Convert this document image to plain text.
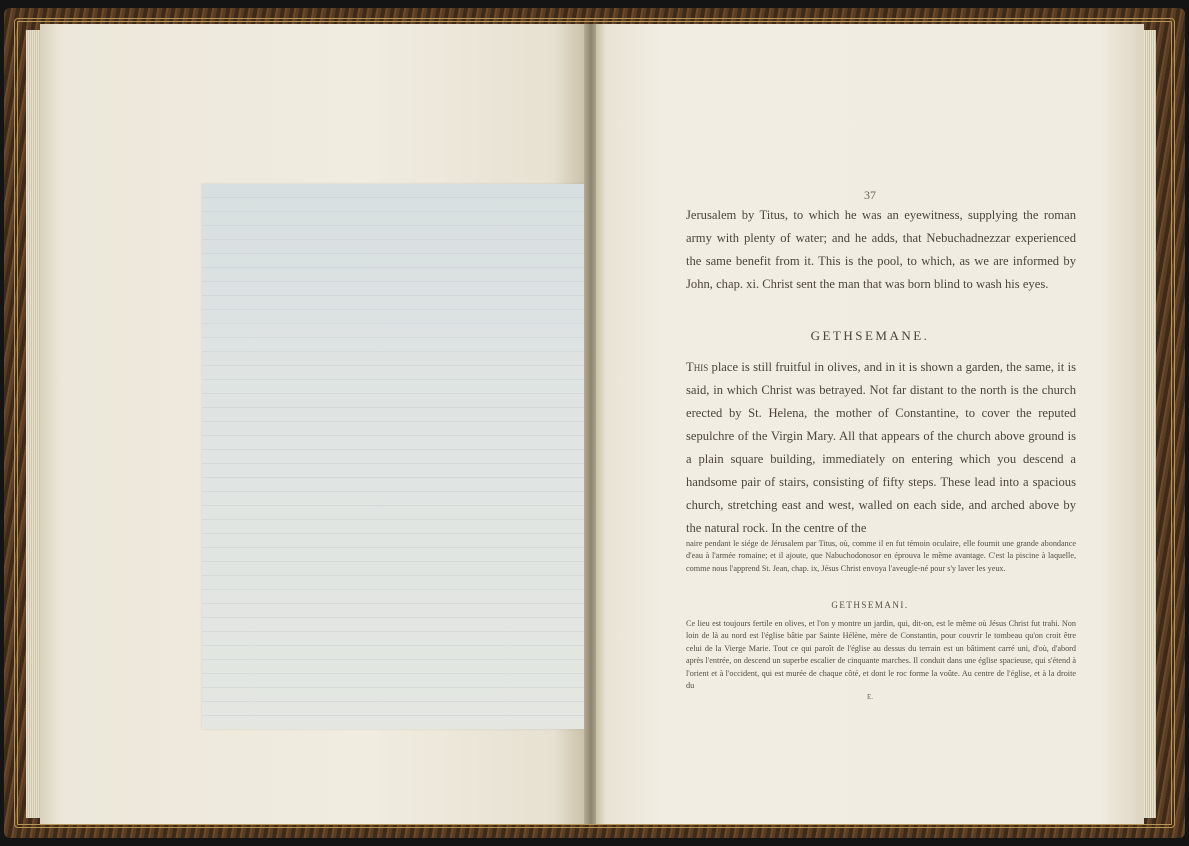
37

Jerusalem by Titus, to which he was an eyewitness, supplying the roman army with plenty of water; and he adds, that Nebuchadnezzar experienced the same benefit from it. This is the pool, to which, as we are informed by John, chap. xi. Christ sent the man that was born blind to wash his eyes.

GETHSEMANE.

This place is still fruitful in olives, and in it is shown a garden, the same, it is said, in which Christ was betrayed. Not far distant to the north is the church erected by St. Helena, the mother of Constantine, to cover the reputed sepulchre of the Virgin Mary. All that appears of the church above ground is a plain square building, immediately on entering which you descend a handsome pair of stairs, consisting of fifty steps. These lead into a spacious church, stretching east and west, walled on each side, and arched above by the natural rock. In the centre of the

naire pendant le siége de Jérusalem par Titus, où, comme il en fut témoin oculaire, elle fournit une grande abondance d'eau à l'armée romaine; et il ajoute, que Nabuchodonosor en éprouva le même avantage. C'est la piscine à laquelle, comme nous l'apprend St. Jean, chap. ix, Jésus Christ envoya l'aveugle-né pour s'y laver les yeux.

GETHSEMANI.

Ce lieu est toujours fertile en olives, et l'on y montre un jardin, qui, dit-on, est le même où Jésus Christ fut trahi. Non loin de là au nord est l'église bâtie par Sainte Hélène, mère de Constantin, pour couvrir le tombeau qu'on croit être celui de la Vierge Marie. Tout ce qui paroît de l'église au dessus du terrain est un bâtiment carré uni, d'où, d'abord après l'entrée, on descend un superbe escalier de cinquante marches. Il conduit dans une église spacieuse, qui s'étend à l'orient et à l'occident, qui est murée de chaque côté, et dont le roc forme la voûte. Au centre de l'église, et à la droite du

E.
